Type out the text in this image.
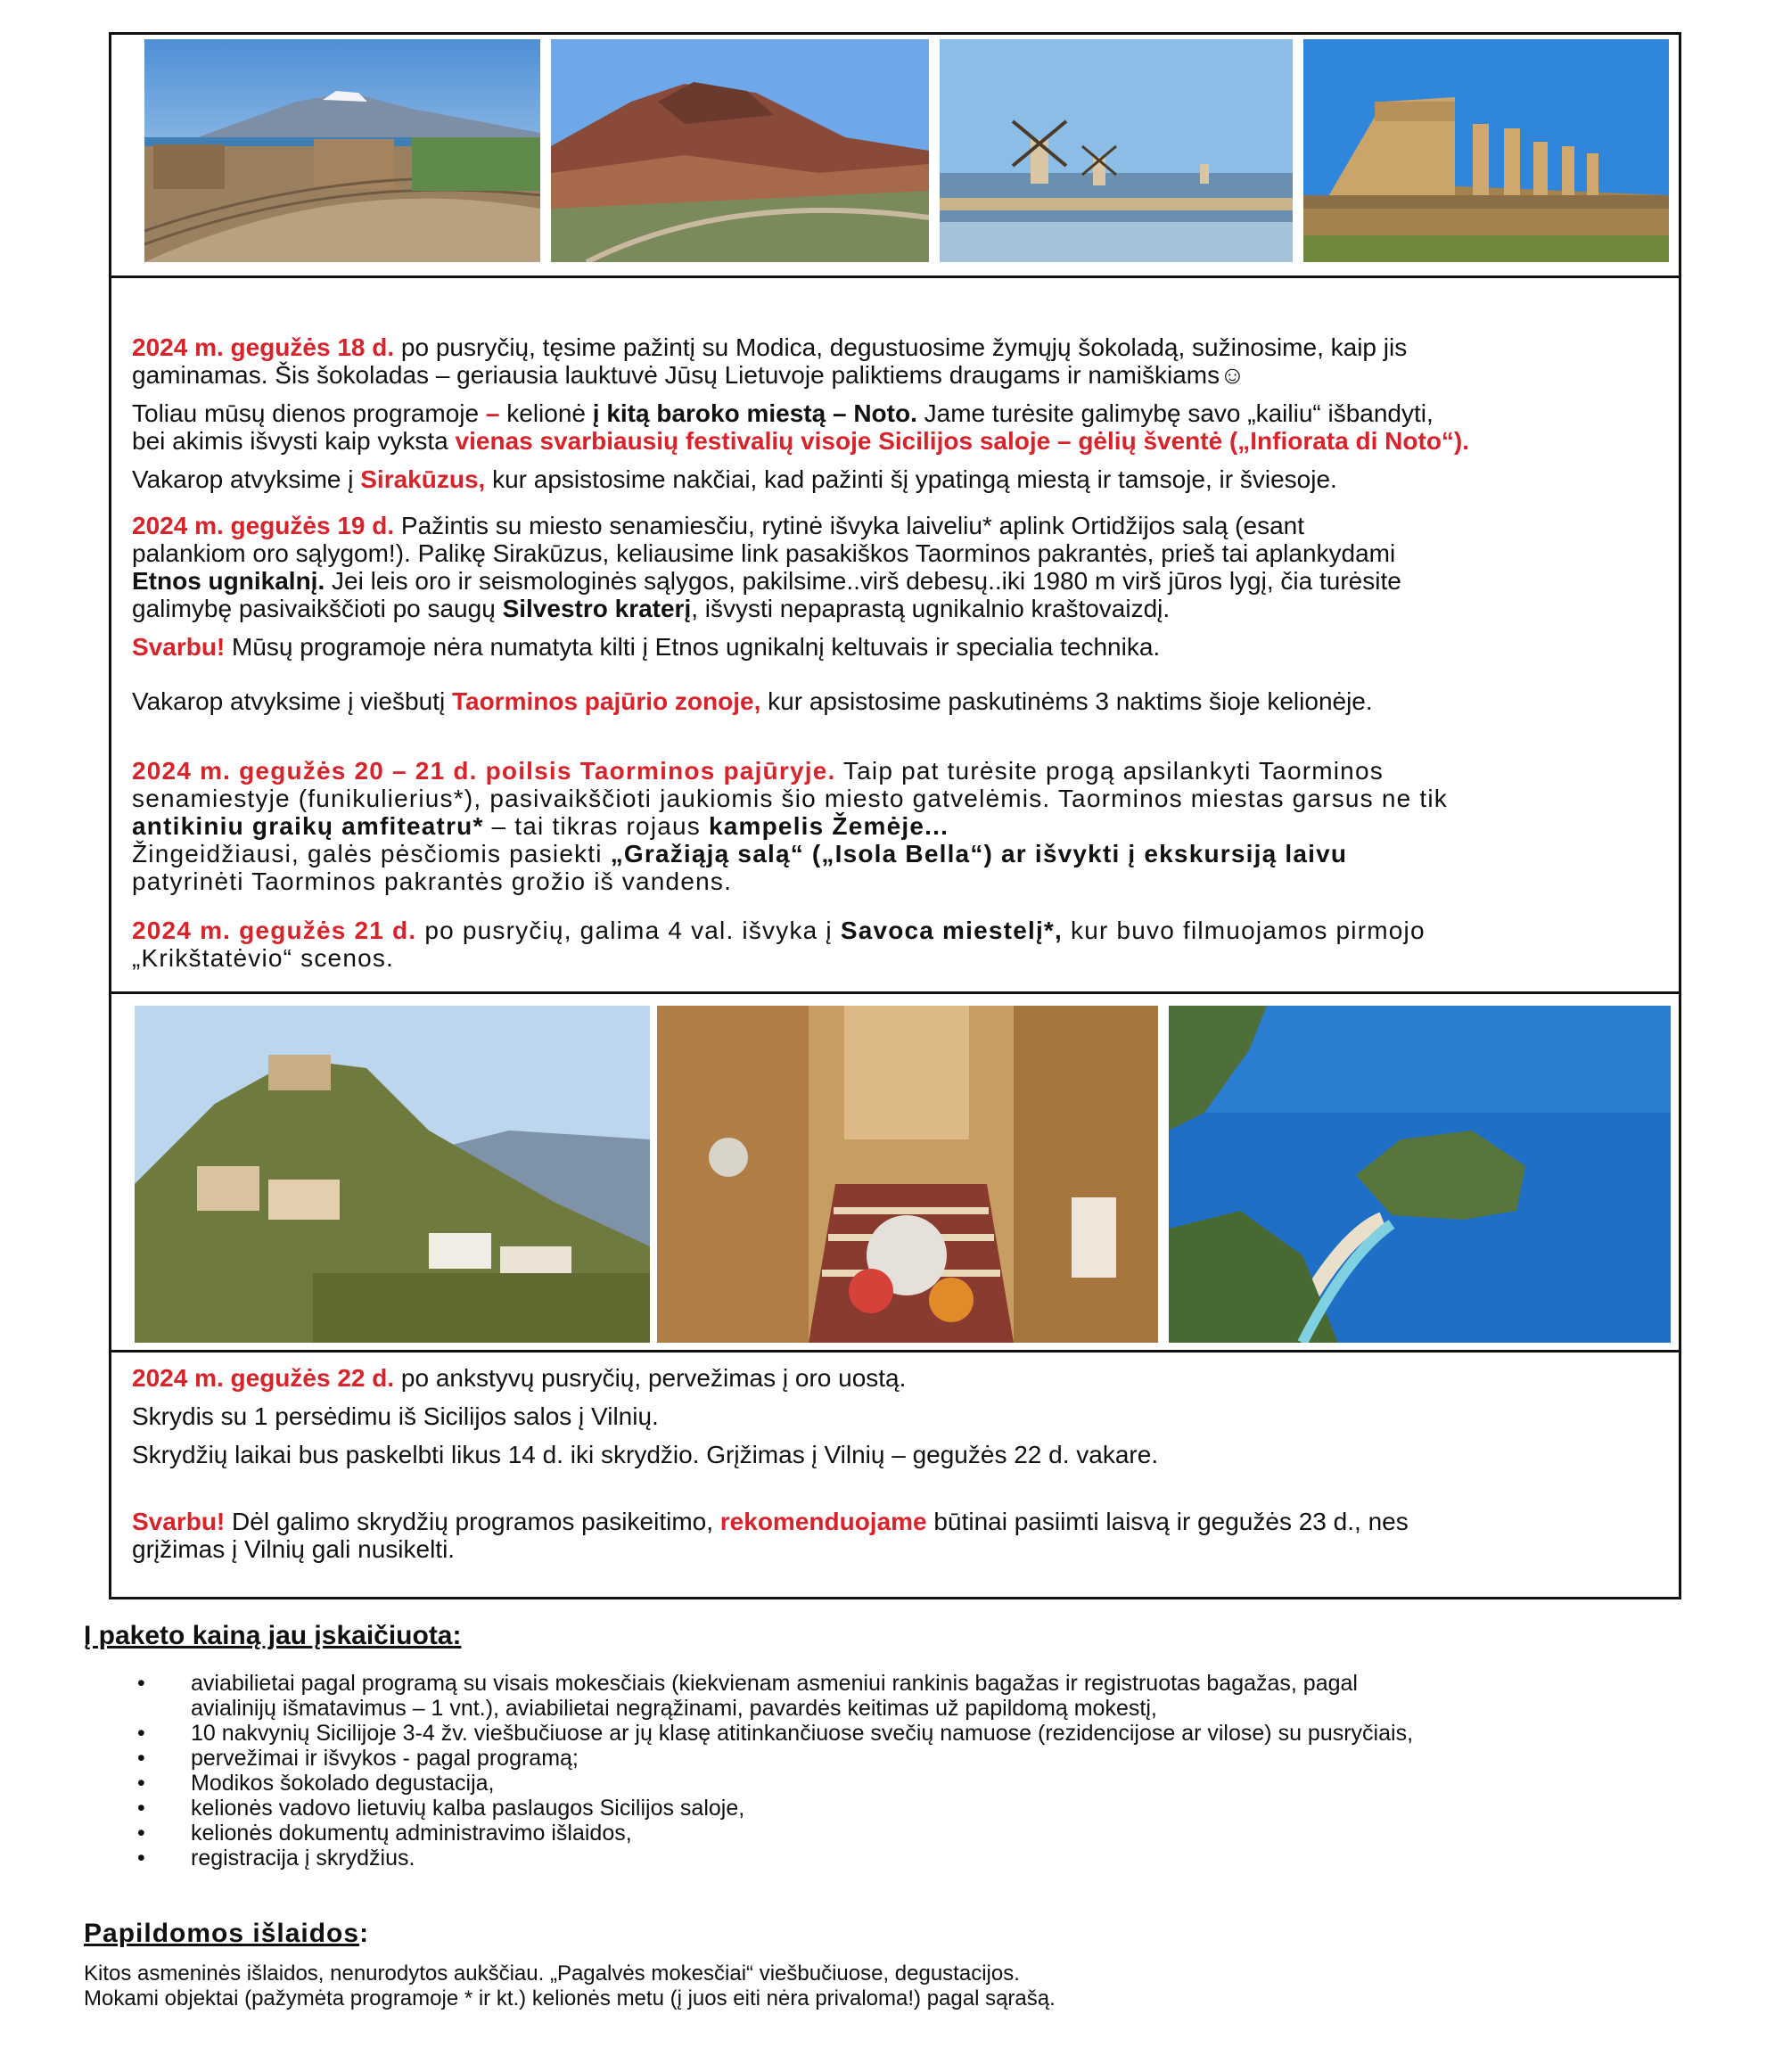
2024 m. gegužės 18 d. po pusryčių, tęsime pažintį su Modica, degustuosime žymųjų šokoladą, sužinosime, kaip jis

gaminamas. Šis šokoladas – geriausia lauktuvė Jūsų Lietuvoje palikti​ems draugams ir namiškiams☺

Toliau mūsų dienos programoje – kelionė į kitą baroko miestą – Noto. Jame turėsite galimybę savo „kailiu“ išbandyti,

bei akimis išvysti kaip vyksta vienas svarbiausių festivalių visoje Sicilijos saloje – gėlių šventė („Infiorata di Noto“).

Vakarop atvyksime į Sirakūzus, kur apsistosime nakčiai, kad pažinti šį ypatingą miestą ir tamsoje, ir šviesoje.

2024 m. gegužės 19 d. Pažintis su miesto senamiesčiu, rytinė išvyka laiveliu* aplink Ortidžijos salą (esant

palankiom oro sąlygom!). Palikę Sirakūzus, keliausime link pasakiškos Taorminos pakrantės, prieš tai aplankydami

Etnos ugnikalnį. Jei leis oro ir seismologinės sąlygos, pakilsime..virš debesų..iki 1980 m virš jūros lygį, čia turėsite

galimybę pasivaikščioti po saugų Silvestro kraterį, išvysti nepaprastą ugnikalnio kraštovaizdį.

Svarbu! Mūsų programoje nėra numatyta kilti į Etnos ugnikalnį keltuvais ir specialia technika.

Vakarop atvyksime į viešbutį Taorminos pajūrio zonoje, kur apsistosime paskutinėms 3 naktims šioje kelionėje.

2024 m. gegužės 20 – 21 d. poilsis Taorminos pajūryje. Taip pat turėsite progą apsilankyti Taorminos

senamiestyje (funikulierius*), pasivaikščioti jaukiomis šio miesto gatvelėmis. Taorminos miestas garsus ne tik

antikiniu graikų amfiteatru* – tai tikras rojaus kampelis Žemėje...

Žingeidžiausi, galės pėsčiomis pasiekti „Gražiąją salą“ („Isola Bella“) ar išvykti į ekskursiją laivu

patyrinėti Taorminos pakrantės grožio iš vandens.

2024 m. gegužės 21 d. po pusryčių, galima 4 val. išvyka į Savoca miestelį*, kur buvo filmuojamos pirmojo

„Krikštatėvio“ scenos.

2024 m. gegužės 22 d. po ankstyvų pusryčių, pervežimas į oro uostą.

Skrydis su 1 persėdimu iš Sicilijos salos į Vilnių.

Skrydžių laikai bus paskelbti likus 14 d. iki skrydžio. Grįžimas į Vilnių – gegužės 22 d. vakare.

Svarbu! Dėl galimo skrydžių programos pasikeitimo, rekomenduojame būtinai pasiimti laisvą ir gegužės 23 d., nes

grįžimas į Vilnių gali nusikelti.

Į paketo kainą jau įskaičiuota:

• aviabilietai pagal programą su visais mokesčiais (kiekvienam asmeniui rankinis bagažas ir registruotas bagažas, pagal
avialinijų išmatavimus – 1 vnt.), aviabilietai negrąžinami, pavardės keitimas už papildomą mokestį,
• 10 nakvynių Sicilijoje 3-4 žv. viešbučiuose ar jų klasę atitinkančiuose svečių namuose (rezidencijose ar vilose) su pusryčiais,
• pervežimai ir išvykos - pagal programą;
• Modikos šokolado degustacija,
• kelionės vadovo lietuvių kalba paslaugos Sicilijos saloje,
• kelionės dokumentų administravimo išlaidos,
• registracija į skrydžius.

Papildomos išlaidos:

Kitos asmeninės išlaidos, nenurodytos aukščiau. „Pagalvės mokesčiai“ viešbučiuose, degustacijos.

Mokami objektai (pažymėta programoje * ir kt.) kelionės metu (į juos eiti nėra privaloma!) pagal sąrašą.
